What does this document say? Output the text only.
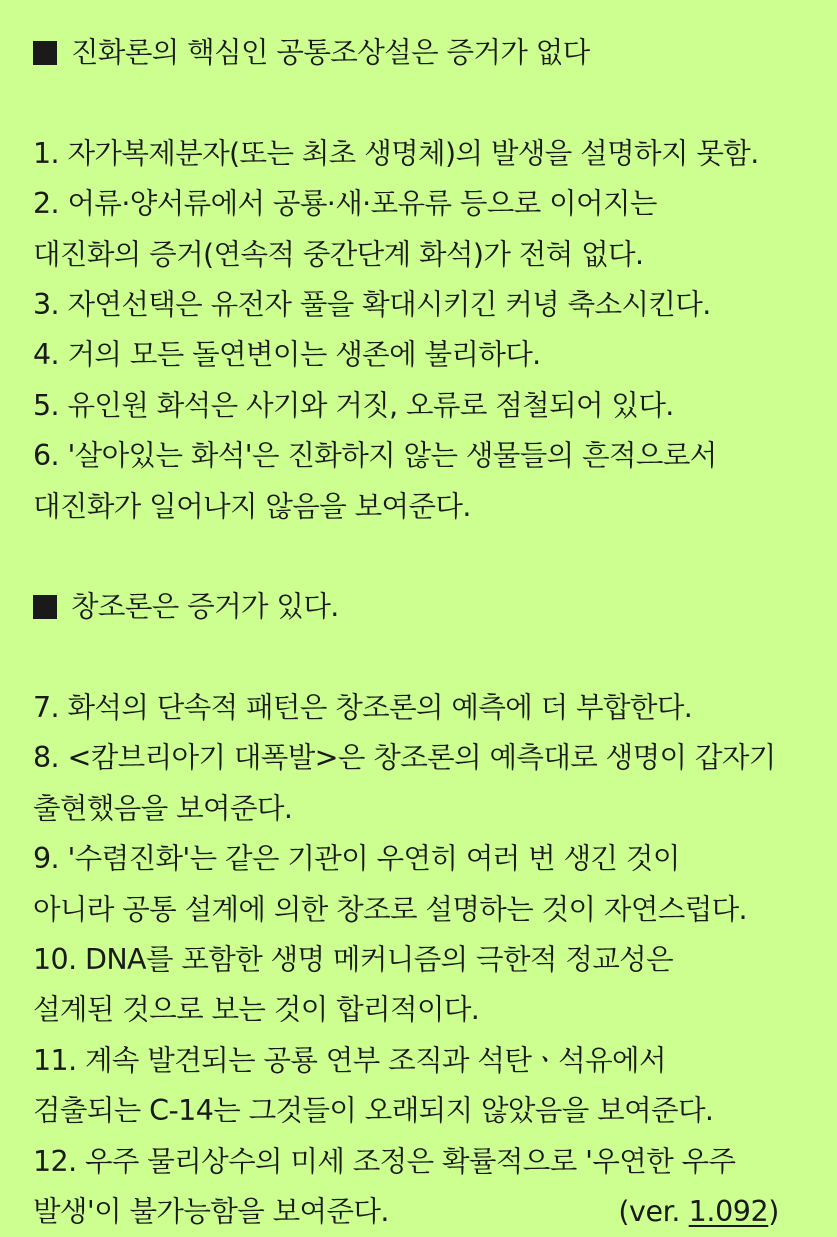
진화론의 핵심인 공통조상설은 증거가 없다
1. 자가복제분자(또는 최초 생명체)의 발생을 설명하지 못함.
2. 어류·양서류에서 공룡·새·포유류 등으로 이어지는
대진화의 증거(연속적 중간단계 화석)가 전혀 없다.
3. 자연선택은 유전자 풀을 확대시키긴 커녕 축소시킨다.
4. 거의 모든 돌연변이는 생존에 불리하다.
5. 유인원 화석은 사기와 거짓, 오류로 점철되어 있다.
6. '살아있는 화석'은 진화하지 않는 생물들의 흔적으로서
대진화가 일어나지 않음을 보여준다.
창조론은 증거가 있다.
7. 화석의 단속적 패턴은 창조론의 예측에 더 부합한다.
8. <캄브리아기 대폭발>은 창조론의 예측대로 생명이 갑자기
출현했음을 보여준다.
9. '수렴진화'는 같은 기관이 우연히 여러 번 생긴 것이
아니라 공통 설계에 의한 창조로 설명하는 것이 자연스럽다.
10. DNA를 포함한 생명 메커니즘의 극한적 정교성은
설계된 것으로 보는 것이 합리적이다.
11. 계속 발견되는 공룡 연부 조직과 석탄ㆍ석유에서
검출되는 C-14는 그것들이 오래되지 않았음을 보여준다.
12. 우주 물리상수의 미세 조정은 확률적으로 '우연한 우주
발생'이 불가능함을 보여준다.	(ver. 1.092)
